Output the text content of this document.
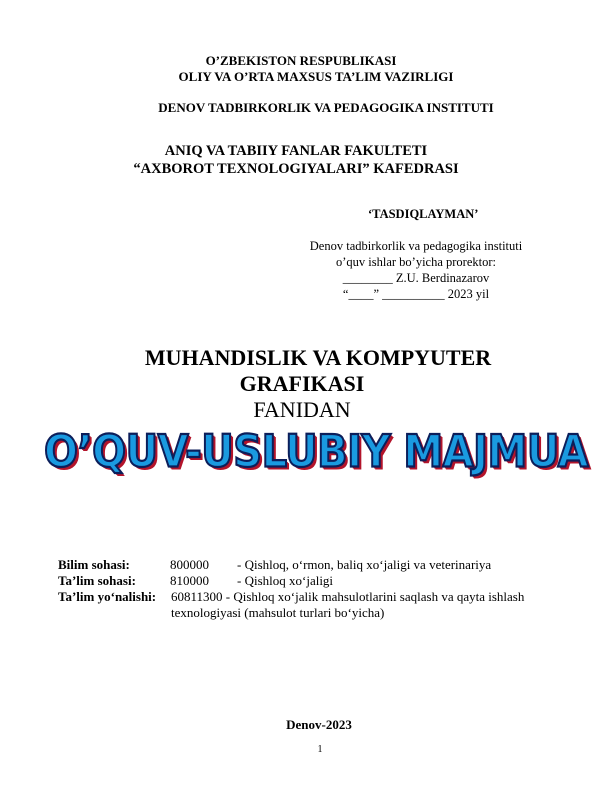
O’ZBEKISTON RESPUBLIKASI
OLIY VA O’RTA MAXSUS TA’LIM VAZIRLIGI
DENOV TADBIRKORLIK VA PEDAGOGIKA INSTITUTI
ANIQ VA TABIIY FANLAR FAKULTETI
“AXBOROT TEXNOLOGIYALARI” KAFEDRASI
‘TASDIQLAYMAN’
Denov tadbirkorlik va pedagogika instituti
o’quv ishlar bo’yicha prorektor:
________ Z.U. Berdinazarov
“____” __________ 2023 yil
MUHANDISLIK VA KOMPYUTER
GRAFIKASI
FANIDAN
O’QUV-USLUBIY MAJMUA
Bilim sohasi:	800000 - Qishloq, o‘rmon, baliq xo‘jaligi va veterinariya
Ta’lim sohasi:	810000 - Qishloq xo‘jaligi
Ta’lim yo‘nalishi: 60811300 - Qishloq xo‘jalik mahsulotlarini saqlash va qayta ishlash
texnologiyasi (mahsulot turlari bo‘yicha)
Denov-2023
1
